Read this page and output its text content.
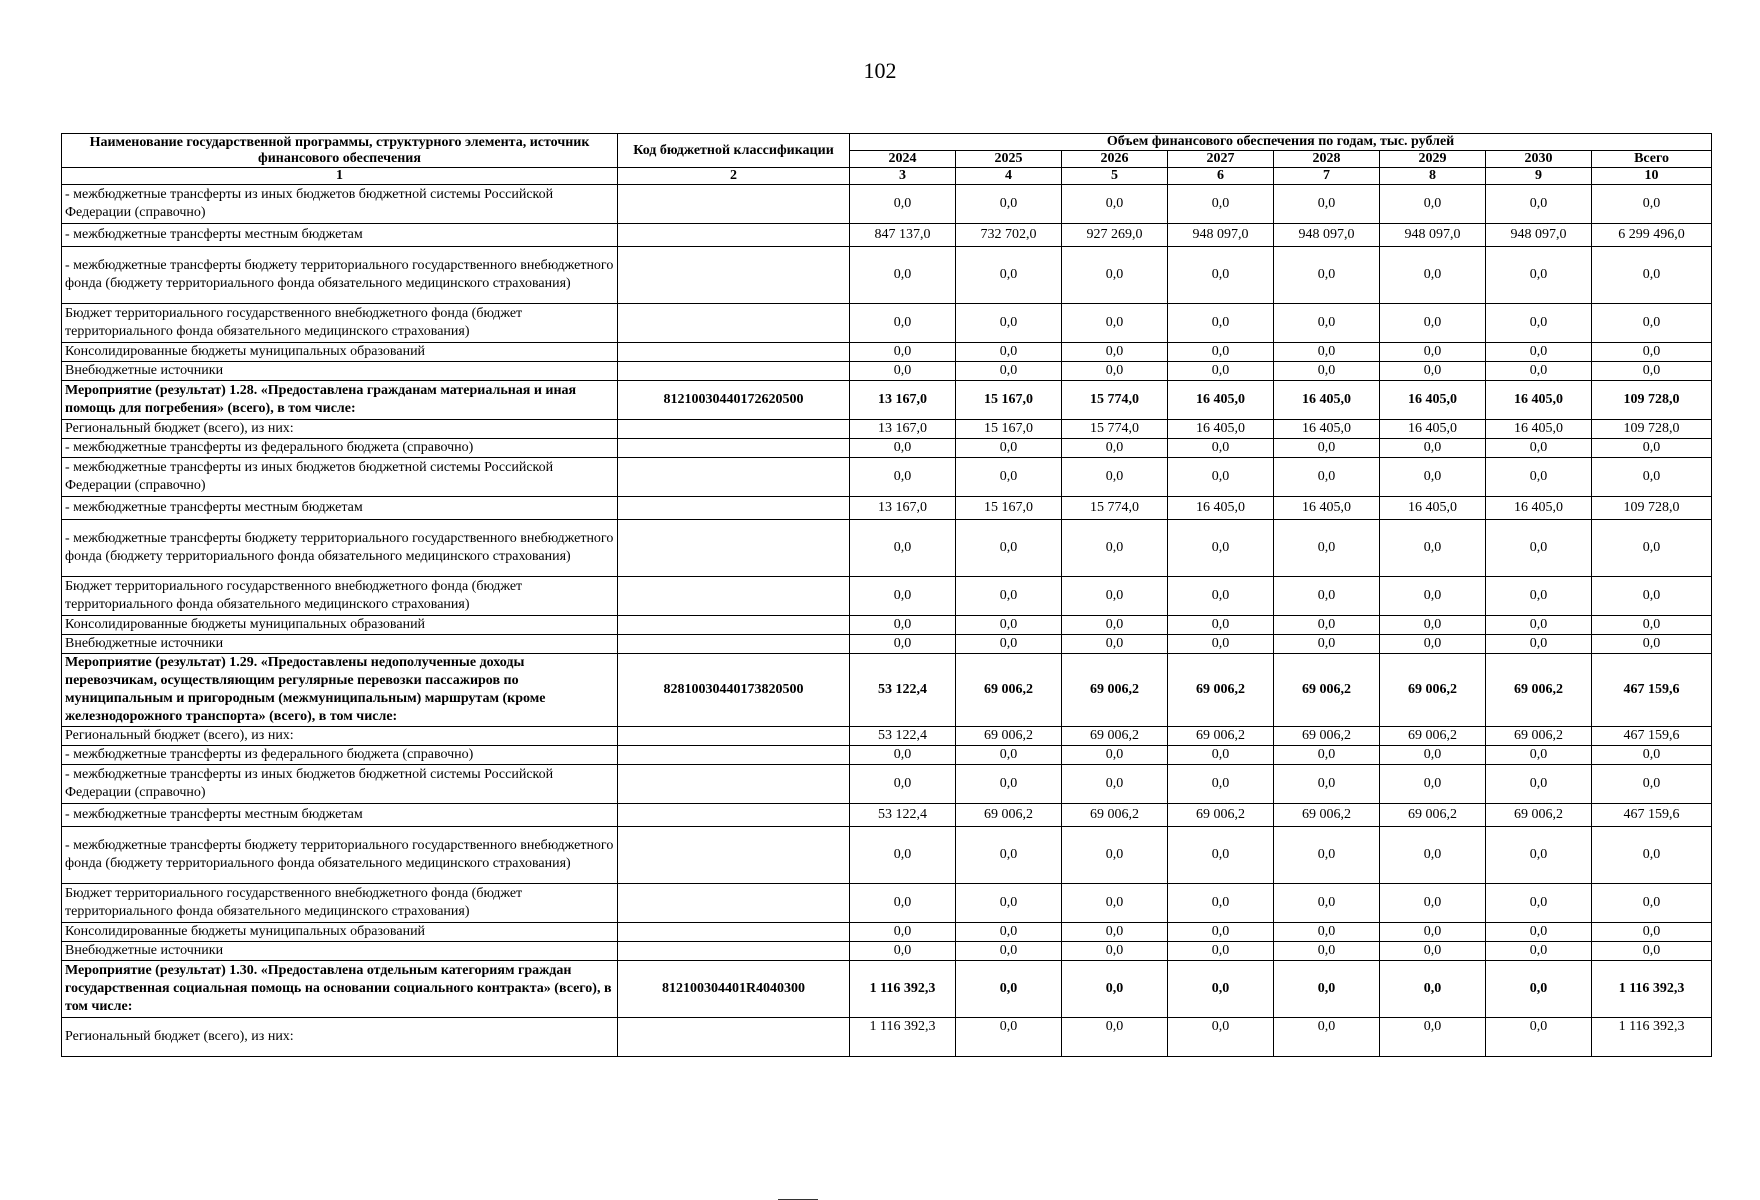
102
Наименование государственной программы, структурного элемента, источник финансового обеспечения	Код бюджетной классификации	Объем финансового обеспечения по годам, тыс. рублей							
		2024	2025	2026	2027	2028	2029	2030	Всего
1	2	3	4	5	6	7	8	9	10
- межбюджетные трансферты из иных бюджетов бюджетной системы Российской Федерации (справочно)		0,0	0,0	0,0	0,0	0,0	0,0	0,0	0,0
- межбюджетные трансферты местным бюджетам		847 137,0	732 702,0	927 269,0	948 097,0	948 097,0	948 097,0	948 097,0	6 299 496,0
- межбюджетные трансферты бюджету территориального государственного внебюджетного фонда (бюджету территориального фонда обязательного медицинского страхования)		0,0	0,0	0,0	0,0	0,0	0,0	0,0	0,0
Бюджет территориального государственного внебюджетного фонда (бюджет территориального фонда обязательного медицинского страхования)		0,0	0,0	0,0	0,0	0,0	0,0	0,0	0,0
Консолидированные бюджеты муниципальных образований		0,0	0,0	0,0	0,0	0,0	0,0	0,0	0,0
Внебюджетные источники		0,0	0,0	0,0	0,0	0,0	0,0	0,0	0,0
Мероприятие (результат) 1.28. «Предоставлена гражданам материальная и иная помощь для погребения» (всего), в том числе:	81210030440172620500	13 167,0	15 167,0	15 774,0	16 405,0	16 405,0	16 405,0	16 405,0	109 728,0
Региональный бюджет (всего), из них:		13 167,0	15 167,0	15 774,0	16 405,0	16 405,0	16 405,0	16 405,0	109 728,0
- межбюджетные трансферты из федерального бюджета (справочно)		0,0	0,0	0,0	0,0	0,0	0,0	0,0	0,0
- межбюджетные трансферты из иных бюджетов бюджетной системы Российской Федерации (справочно)		0,0	0,0	0,0	0,0	0,0	0,0	0,0	0,0
- межбюджетные трансферты местным бюджетам		13 167,0	15 167,0	15 774,0	16 405,0	16 405,0	16 405,0	16 405,0	109 728,0
- межбюджетные трансферты бюджету территориального государственного внебюджетного фонда (бюджету территориального фонда обязательного медицинского страхования)		0,0	0,0	0,0	0,0	0,0	0,0	0,0	0,0
Бюджет территориального государственного внебюджетного фонда (бюджет территориального фонда обязательного медицинского страхования)		0,0	0,0	0,0	0,0	0,0	0,0	0,0	0,0
Консолидированные бюджеты муниципальных образований		0,0	0,0	0,0	0,0	0,0	0,0	0,0	0,0
Внебюджетные источники		0,0	0,0	0,0	0,0	0,0	0,0	0,0	0,0
Мероприятие (результат) 1.29. «Предоставлены недополученные доходы перевозчикам, осуществляющим регулярные перевозки пассажиров по муниципальным и пригородным (межмуниципальным) маршрутам (кроме железнодорожного транспорта» (всего), в том числе:	82810030440173820500	53 122,4	69 006,2	69 006,2	69 006,2	69 006,2	69 006,2	69 006,2	467 159,6
Региональный бюджет (всего), из них:		53 122,4	69 006,2	69 006,2	69 006,2	69 006,2	69 006,2	69 006,2	467 159,6
- межбюджетные трансферты из федерального бюджета (справочно)		0,0	0,0	0,0	0,0	0,0	0,0	0,0	0,0
- межбюджетные трансферты из иных бюджетов бюджетной системы Российской Федерации (справочно)		0,0	0,0	0,0	0,0	0,0	0,0	0,0	0,0
- межбюджетные трансферты местным бюджетам		53 122,4	69 006,2	69 006,2	69 006,2	69 006,2	69 006,2	69 006,2	467 159,6
- межбюджетные трансферты бюджету территориального государственного внебюджетного фонда (бюджету территориального фонда обязательного медицинского страхования)		0,0	0,0	0,0	0,0	0,0	0,0	0,0	0,0
Бюджет территориального государственного внебюджетного фонда (бюджет территориального фонда обязательного медицинского страхования)		0,0	0,0	0,0	0,0	0,0	0,0	0,0	0,0
Консолидированные бюджеты муниципальных образований		0,0	0,0	0,0	0,0	0,0	0,0	0,0	0,0
Внебюджетные источники		0,0	0,0	0,0	0,0	0,0	0,0	0,0	0,0
Мероприятие (результат) 1.30. «Предоставлена отдельным категориям граждан государственная социальная помощь на основании социального контракта» (всего), в том числе:	812100304401R4040300	1 116 392,3	0,0	0,0	0,0	0,0	0,0	0,0	1 116 392,3
Региональный бюджет (всего), из них:		1 116 392,3	0,0	0,0	0,0	0,0	0,0	0,0	1 116 392,3
